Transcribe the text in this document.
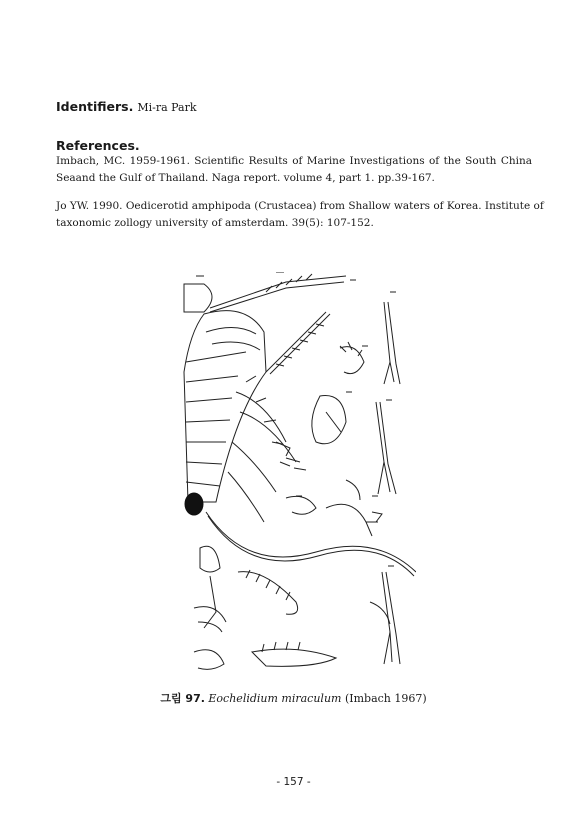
Identifiers. Mi-ra Park
References.
Imbach, MC. 1959-1961. Scientific Results of Marine Investigations of the South China
Seaand the Gulf of Thailand. Naga report. volume 4, part 1. pp.39-167.
Jo YW. 1990. Oedicerotid amphipoda (Crustacea) from Shallow waters of Korea. Institute of
taxonomic zollogy university of amsterdam. 39(5): 107-152.
그림 97. Eochelidium miraculum (Imbach 1967)
- 157 -
